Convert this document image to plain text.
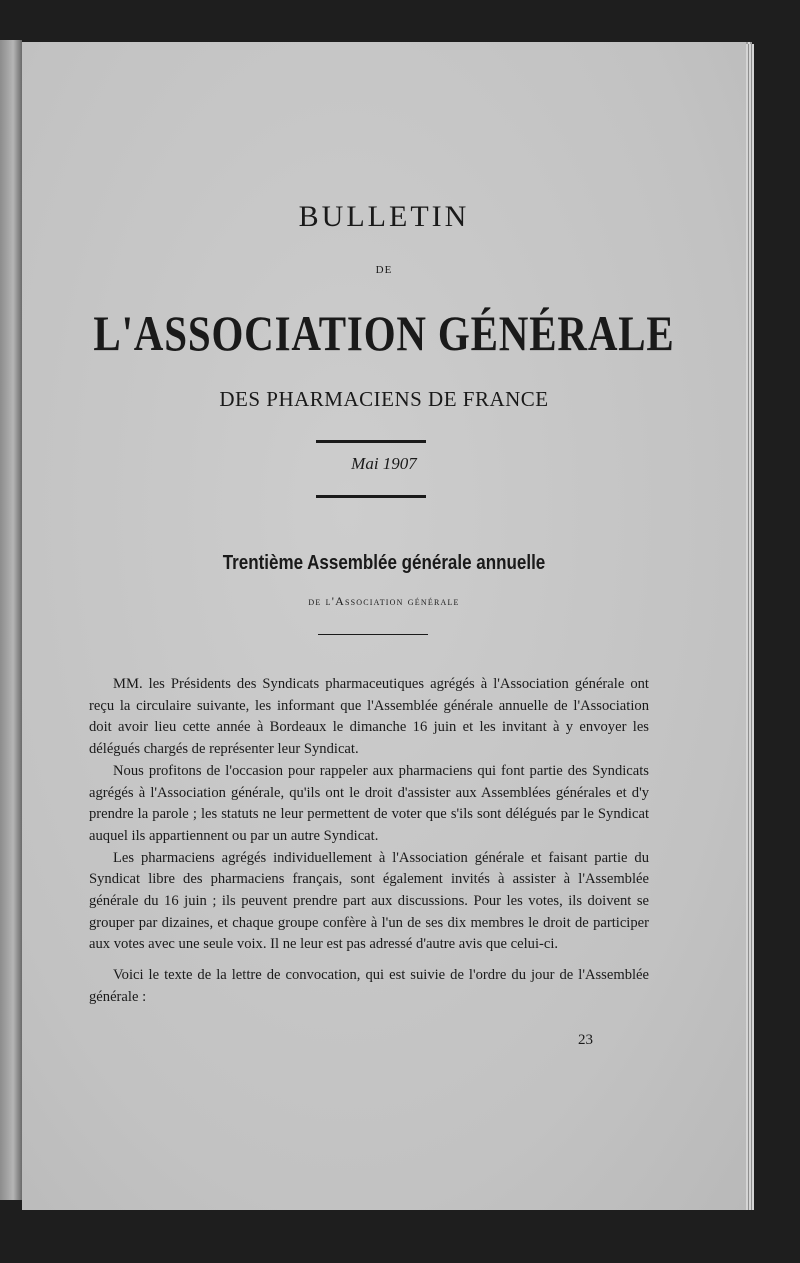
BULLETIN
DE
L'ASSOCIATION GÉNÉRALE
DES PHARMACIENS DE FRANCE
Mai 1907
Trentième Assemblée générale annuelle
de l'Association générale

MM. les Présidents des Syndicats pharmaceutiques agrégés à l'Association générale ont reçu la circulaire suivante, les informant que l'Assemblée générale annuelle de l'Association doit avoir lieu cette année à Bordeaux le dimanche 16 juin et les invitant à y envoyer les délégués chargés de représenter leur Syndicat.

Nous profitons de l'occasion pour rappeler aux pharmaciens qui font partie des Syndicats agrégés à l'Association générale, qu'ils ont le droit d'assister aux Assemblées générales et d'y prendre la parole ; les statuts ne leur permettent de voter que s'ils sont délégués par le Syndicat auquel ils appartiennent ou par un autre Syndicat.

Les pharmaciens agrégés individuellement à l'Association générale et faisant partie du Syndicat libre des pharmaciens français, sont également invités à assister à l'Assemblée générale du 16 juin ; ils peuvent prendre part aux discussions. Pour les votes, ils doivent se grouper par dizaines, et chaque groupe confère à l'un de ses dix membres le droit de participer aux votes avec une seule voix. Il ne leur est pas adressé d'autre avis que celui-ci.

Voici le texte de la lettre de convocation, qui est suivie de l'ordre du jour de l'Assemblée générale :

23
